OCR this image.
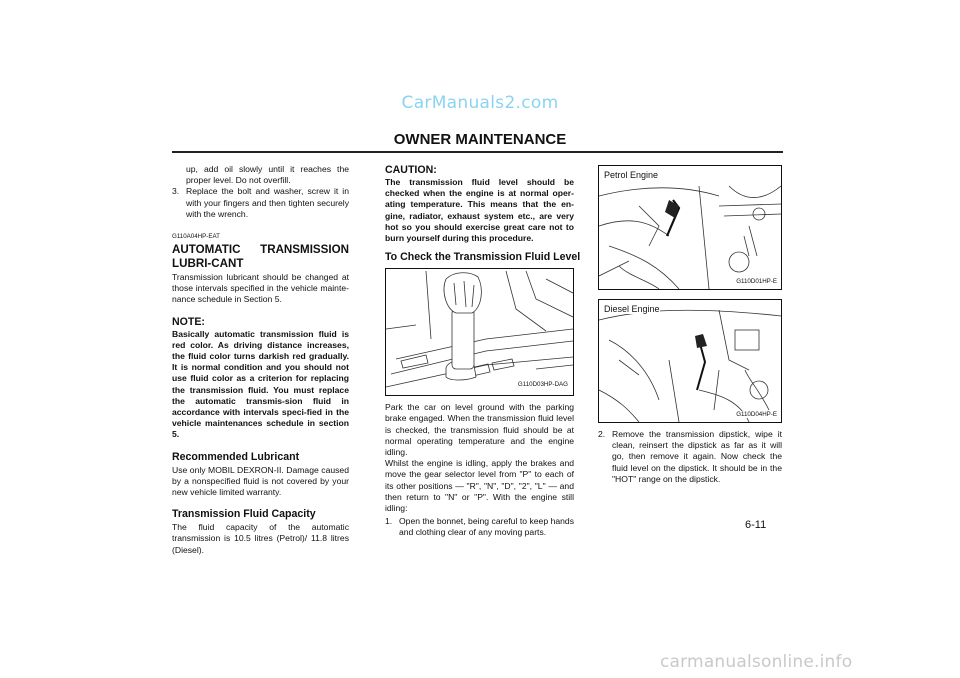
CarManuals2.com
OWNER MAINTENANCE

up, add oil slowly until it reaches the proper level. Do not overfill.

3. Replace the bolt and washer, screw it in with your fingers and then tighten securely with the wrench.

G110A04HP-EAT

AUTOMATIC TRANSMISSION LUBRI-CANT

Transmission lubricant should be changed at those intervals specified in the vehicle mainte-nance schedule in Section 5.

NOTE:

Basically automatic transmission fluid is red color. As driving distance increases, the fluid color turns darkish red gradually. It is normal condition and you should not use fluid color as a criterion for replacing the transmission fluid. You must replace the automatic transmis-sion fluid in accordance with intervals speci-fied in the vehicle maintenances schedule in section 5.

Recommended Lubricant

Use only MOBIL DEXRON-II. Damage caused by a nonspecified fluid is not covered by your new vehicle limited warranty.

Transmission Fluid Capacity

The fluid capacity of the automatic transmission is 10.5 litres (Petrol)/ 11.8 litres (Diesel).

CAUTION:

The transmission fluid level should be checked when the engine is at normal oper-ating temperature. This means that the en-gine, radiator, exhaust system etc., are very hot so you should exercise great care not to burn yourself during this procedure.

To Check the Transmission Fluid Level

G110D03HP-DAG

Park the car on level ground with the parking brake engaged. When the transmission fluid level is checked, the transmission fluid should be at normal operating temperature and the engine idling.

Whilst the engine is idling, apply the brakes and move the gear selector level from "P" to each of its other positions — "R", "N", "D", "2", "L" — and then return to "N" or "P". With the engine still idling:

1. Open the bonnet, being careful to keep hands and clothing clear of any moving parts.
Petrol Engine
G110D01HP-E
Diesel Engine
G110D04HP-E
2. Remove the transmission dipstick, wipe it clean, reinsert the dipstick as far as it will go, then remove it again. Now check the fluid level on the dipstick. It should be in the "HOT" range on the dipstick.
6-11
carmanualsonline.info
